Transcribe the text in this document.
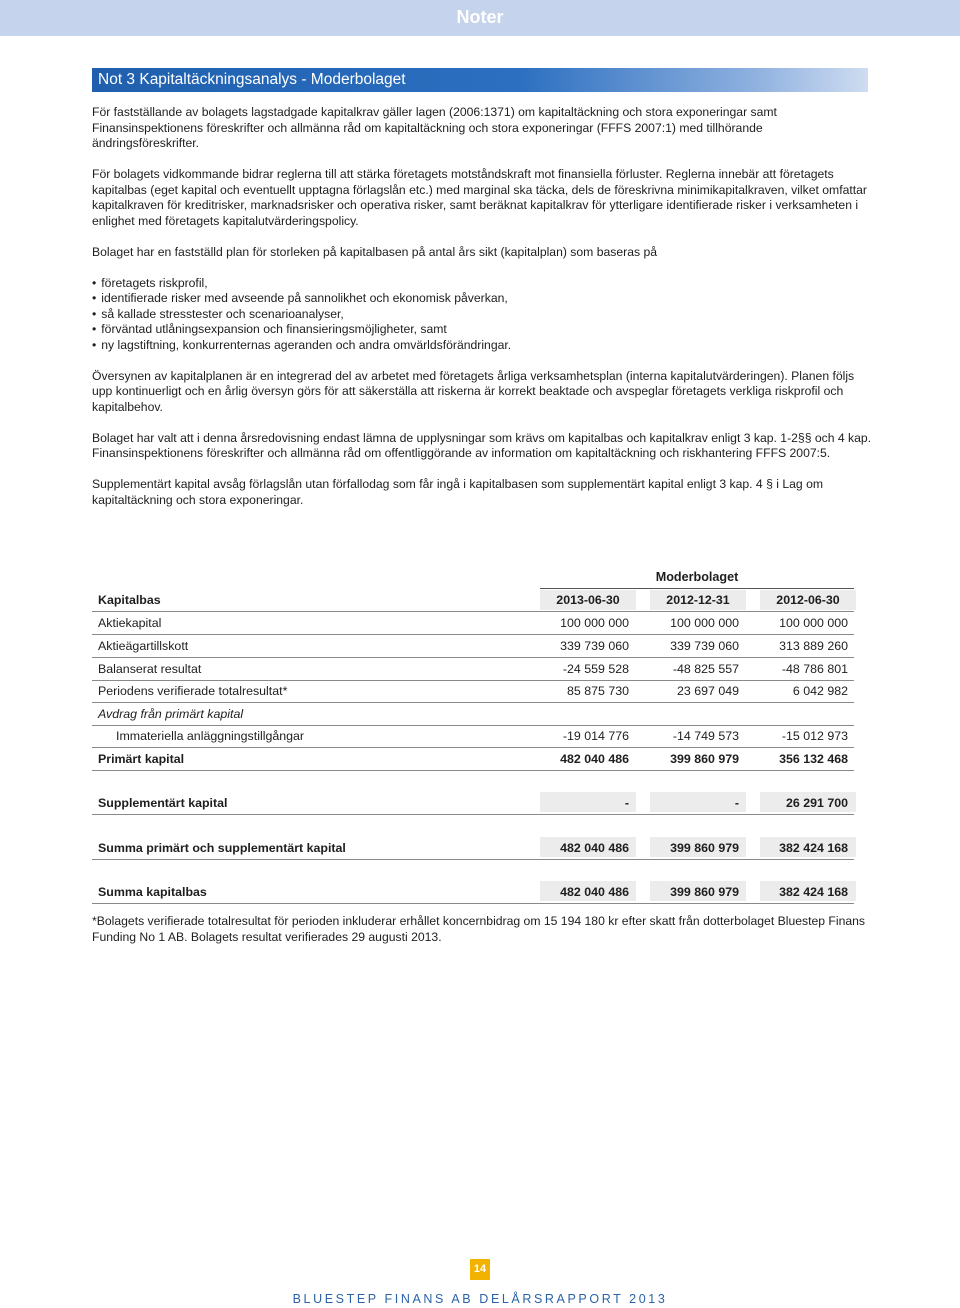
Noter
Not 3 Kapitaltäckningsanalys - Moderbolaget

För fastställande av bolagets lagstadgade kapitalkrav gäller lagen (2006:1371) om kapitaltäckning och stora exponeringar samt Finansinspektionens föreskrifter och allmänna råd om kapitaltäckning och stora exponeringar (FFFS 2007:1) med tillhörande ändringsföreskrifter.

För bolagets vidkommande bidrar reglerna till att stärka företagets motståndskraft mot finansiella förluster. Reglerna innebär att företagets kapitalbas (eget kapital och eventuellt upptagna förlagslån etc.) med marginal ska täcka, dels de föreskrivna minimikapitalkraven, vilket omfattar kapitalkraven för kreditrisker, marknadsrisker och operativa risker, samt beräknat kapitalkrav för ytterligare identifierade risker i verksamheten i enlighet med företagets kapitalutvärderingspolicy.

Bolaget har en fastställd plan för storleken på kapitalbasen på antal års sikt (kapitalplan) som baseras på

• företagets riskprofil,
• identifierade risker med avseende på sannolikhet och ekonomisk påverkan,
• så kallade stresstester och scenarioanalyser,
• förväntad utlåningsexpansion och finansieringsmöjligheter, samt
• ny lagstiftning, konkurrenternas ageranden och andra omvärldsförändringar.

Översynen av kapitalplanen är en integrerad del av arbetet med företagets årliga verksamhetsplan (interna kapitalutvärderingen). Planen följs upp kontinuerligt och en årlig översyn görs för att säkerställa att riskerna är korrekt beaktade och avspeglar företagets verkliga riskprofil och kapitalbehov.

Bolaget har valt att i denna årsredovisning endast lämna de upplysningar som krävs om kapitalbas och kapitalkrav enligt 3 kap. 1-2§§ och 4 kap. Finansinspektionens föreskrifter och allmänna råd om offentliggörande av information om kapitaltäckning och riskhantering FFFS 2007:5.

Supplementärt kapital avsåg förlagslån utan förfallodag som får ingå i kapitalbasen som supplementärt kapital enligt 3 kap. 4 § i Lag om kapitaltäckning och stora exponeringar.

Moderbolaget
Kapitalbas	2013-06-30	2012-12-31	2012-06-30
Aktiekapital	100 000 000	100 000 000	100 000 000
Aktieägartillskott	339 739 060	339 739 060	313 889 260
Balanserat resultat	-24 559 528	-48 825 557	-48 786 801
Periodens verifierade totalresultat*	85 875 730	23 697 049	6 042 982
Avdrag från primärt kapital
Immateriella anläggningstillgångar	-19 014 776	-14 749 573	-15 012 973
Primärt kapital	482 040 486	399 860 979	356 132 468
Supplementärt kapital	-	-	26 291 700
Summa primärt och supplementärt kapital	482 040 486	399 860 979	382 424 168
Summa kapitalbas	482 040 486	399 860 979	382 424 168
*Bolagets verifierade totalresultat för perioden inkluderar erhållet koncernbidrag om 15 194 180 kr efter skatt från dotterbolaget Bluestep Finans Funding No 1 AB. Bolagets resultat verifierades 29 augusti 2013.
14
BLUESTEP FINANS AB DELÅRSRAPPORT 2013
